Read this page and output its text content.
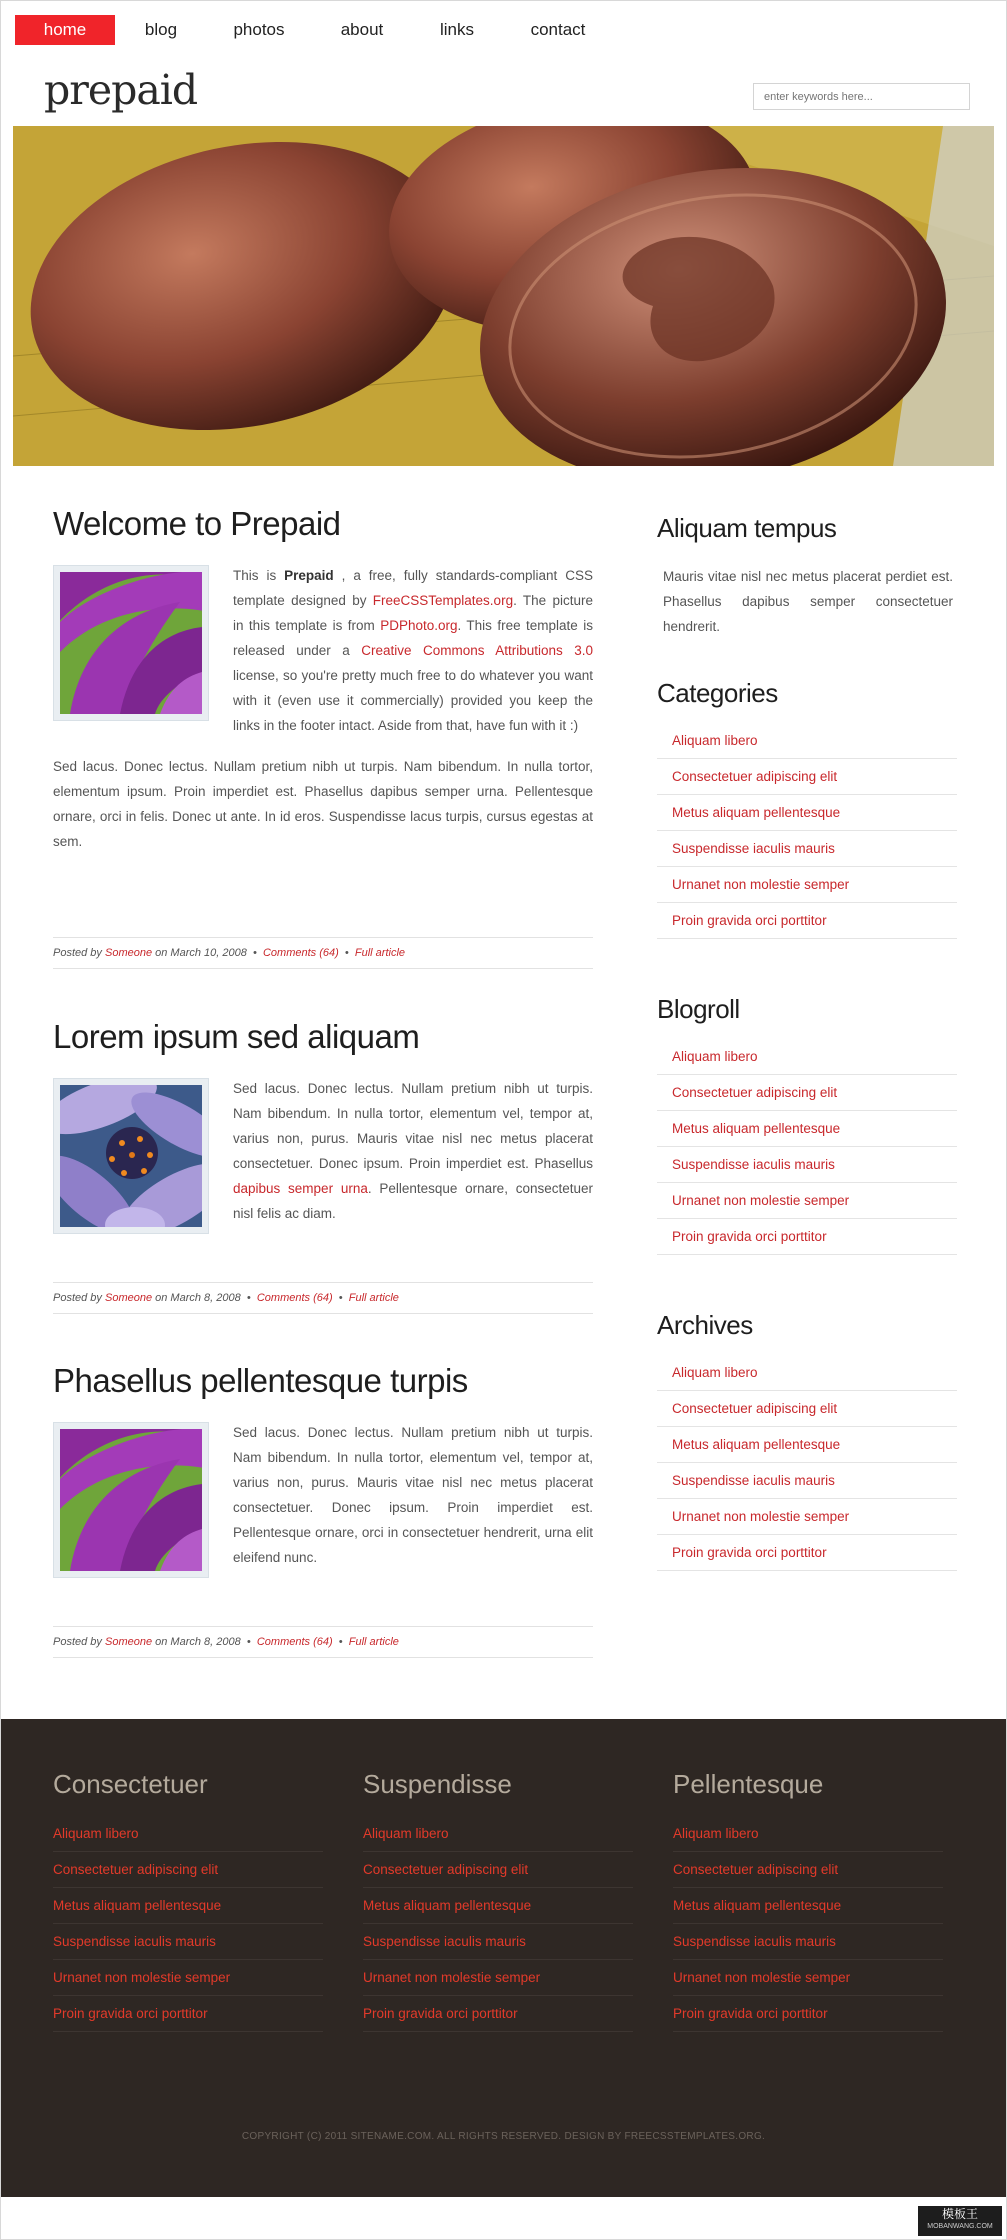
home	blog	photos	about	links	contact
prepaid
enter keywords here...
Welcome to Prepaid
This is Prepaid , a free, fully standards-compliant CSS template designed by FreeCSSTemplates.org. The picture in this template is from PDPhoto.org. This free template is released under a Creative Commons Attributions 3.0 license, so you're pretty much free to do whatever you want with it (even use it commercially) provided you keep the links in the footer intact. Aside from that, have fun with it :)

Sed lacus. Donec lectus. Nullam pretium nibh ut turpis. Nam bibendum. In nulla tortor, elementum ipsum. Proin imperdiet est. Phasellus dapibus semper urna. Pellentesque ornare, orci in felis. Donec ut ante. In id eros. Suspendisse lacus turpis, cursus egestas at sem.

Posted by Someone on March 10, 2008 • Comments (64) • Full article
Lorem ipsum sed aliquam
Sed lacus. Donec lectus. Nullam pretium nibh ut turpis. Nam bibendum. In nulla tortor, elementum vel, tempor at, varius non, purus. Mauris vitae nisl nec metus placerat consectetuer. Donec ipsum. Proin imperdiet est. Phasellus dapibus semper urna. Pellentesque ornare, consectetuer nisl felis ac diam.
Posted by Someone on March 8, 2008 • Comments (64) • Full article
Phasellus pellentesque turpis
Sed lacus. Donec lectus. Nullam pretium nibh ut turpis. Nam bibendum. In nulla tortor, elementum vel, tempor at, varius non, purus. Mauris vitae nisl nec metus placerat consectetuer. Donec ipsum. Proin imperdiet est. Pellentesque ornare, orci in consectetuer hendrerit, urna elit eleifend nunc.
Posted by Someone on March 8, 2008 • Comments (64) • Full article
Aliquam tempus

Mauris vitae nisl nec metus placerat perdiet est. Phasellus dapibus semper consectetuer hendrerit.

Categories
Aliquam libero
Consectetuer adipiscing elit
Metus aliquam pellentesque
Suspendisse iaculis mauris
Urnanet non molestie semper
Proin gravida orci porttitor
Blogroll
Aliquam libero
Consectetuer adipiscing elit
Metus aliquam pellentesque
Suspendisse iaculis mauris
Urnanet non molestie semper
Proin gravida orci porttitor
Archives
Aliquam libero
Consectetuer adipiscing elit
Metus aliquam pellentesque
Suspendisse iaculis mauris
Urnanet non molestie semper
Proin gravida orci porttitor
Consectetuer
Aliquam libero
Consectetuer adipiscing elit
Metus aliquam pellentesque
Suspendisse iaculis mauris
Urnanet non molestie semper
Proin gravida orci porttitor
Suspendisse
Aliquam libero
Consectetuer adipiscing elit
Metus aliquam pellentesque
Suspendisse iaculis mauris
Urnanet non molestie semper
Proin gravida orci porttitor
Pellentesque
Aliquam libero
Consectetuer adipiscing elit
Metus aliquam pellentesque
Suspendisse iaculis mauris
Urnanet non molestie semper
Proin gravida orci porttitor
COPYRIGHT (C) 2011 SITENAME.COM. ALL RIGHTS RESERVED. DESIGN BY FREECSSTEMPLATES.ORG.
模板王
MOBANWANG.COM
